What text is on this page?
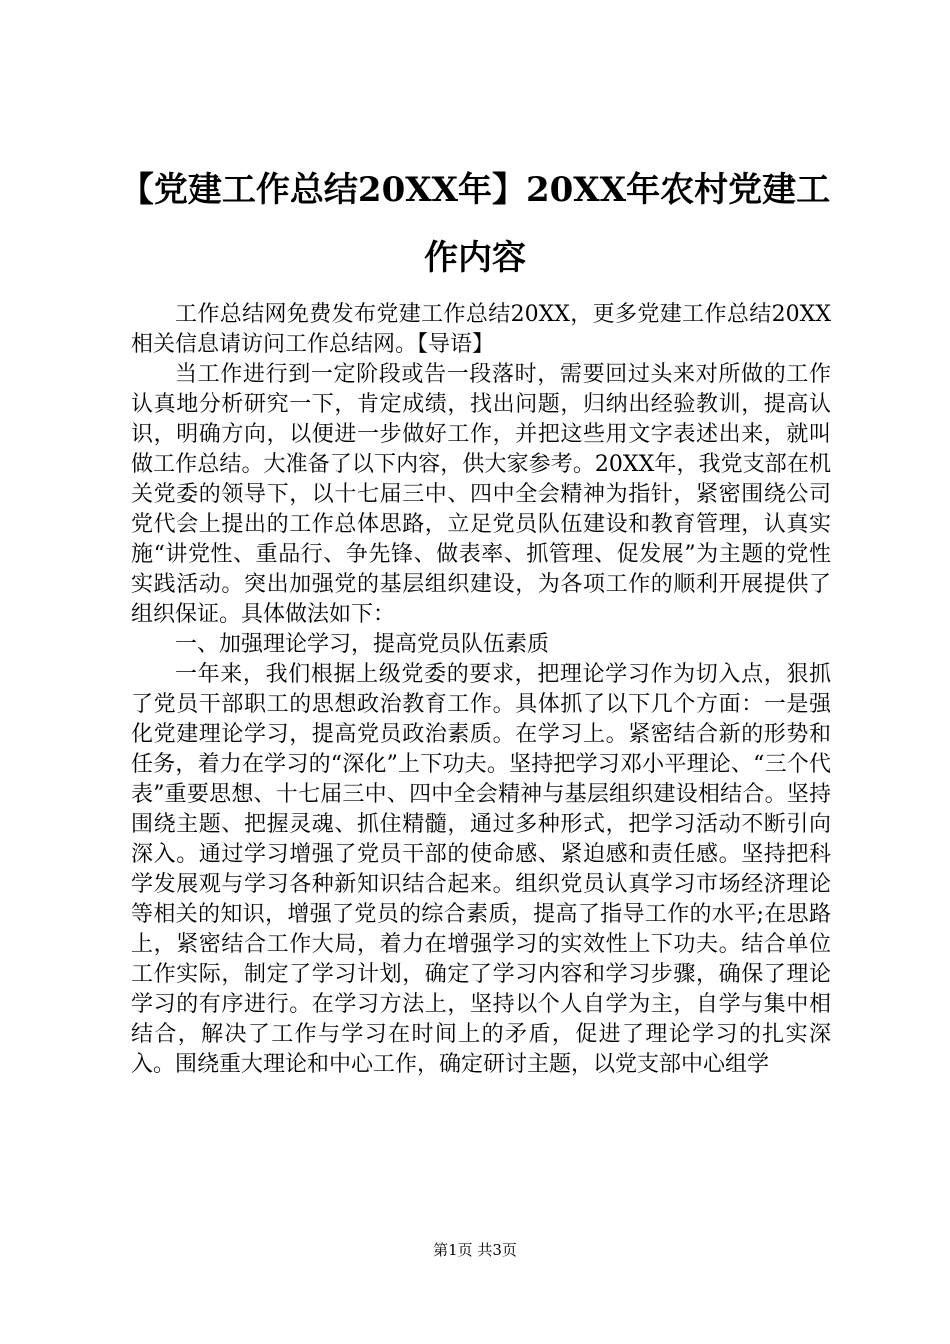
【党建工作总结20XX年】20XX年农村党建工作内容

工作总结网免费发布党建工作总结20XX，更多党建工作总结20XX相关信息请访问工作总结网。【导语】

当工作进行到一定阶段或告一段落时，需要回过头来对所做的工作认真地分析研究一下，肯定成绩，找出问题，归纳出经验教训，提高认识，明确方向，以便进一步做好工作，并把这些用文字表述出来，就叫做工作总结。大准备了以下内容，供大家参考。20XX年，我党支部在机关党委的领导下，以十七届三中、四中全会精神为指针，紧密围绕公司党代会上提出的工作总体思路，立足党员队伍建设和教育管理，认真实施“讲党性、重品行、争先锋、做表率、抓管理、促发展”为主题的党性实践活动。突出加强党的基层组织建设，为各项工作的顺利开展提供了组织保证。具体做法如下：

一、加强理论学习，提高党员队伍素质

一年来，我们根据上级党委的要求，把理论学习作为切入点，狠抓了党员干部职工的思想政治教育工作。具体抓了以下几个方面：一是强化党建理论学习，提高党员政治素质。在学习上。紧密结合新的形势和任务，着力在学习的“深化”上下功夫。坚持把学习邓小平理论、“三个代表”重要思想、十七届三中、四中全会精神与基层组织建设相结合。坚持围绕主题、把握灵魂、抓住精髓，通过多种形式，把学习活动不断引向深入。通过学习增强了党员干部的使命感、紧迫感和责任感。坚持把科学发展观与学习各种新知识结合起来。组织党员认真学习市场经济理论等相关的知识，增强了党员的综合素质，提高了指导工作的水平;在思路上，紧密结合工作大局，着力在增强学习的实效性上下功夫。结合单位工作实际，制定了学习计划，确定了学习内容和学习步骤，确保了理论学习的有序进行。在学习方法上，坚持以个人自学为主，自学与集中相结合，解决了工作与学习在时间上的矛盾，促进了理论学习的扎实深入。围绕重大理论和中心工作，确定研讨主题，以党支部中心组学

第1页 共3页
